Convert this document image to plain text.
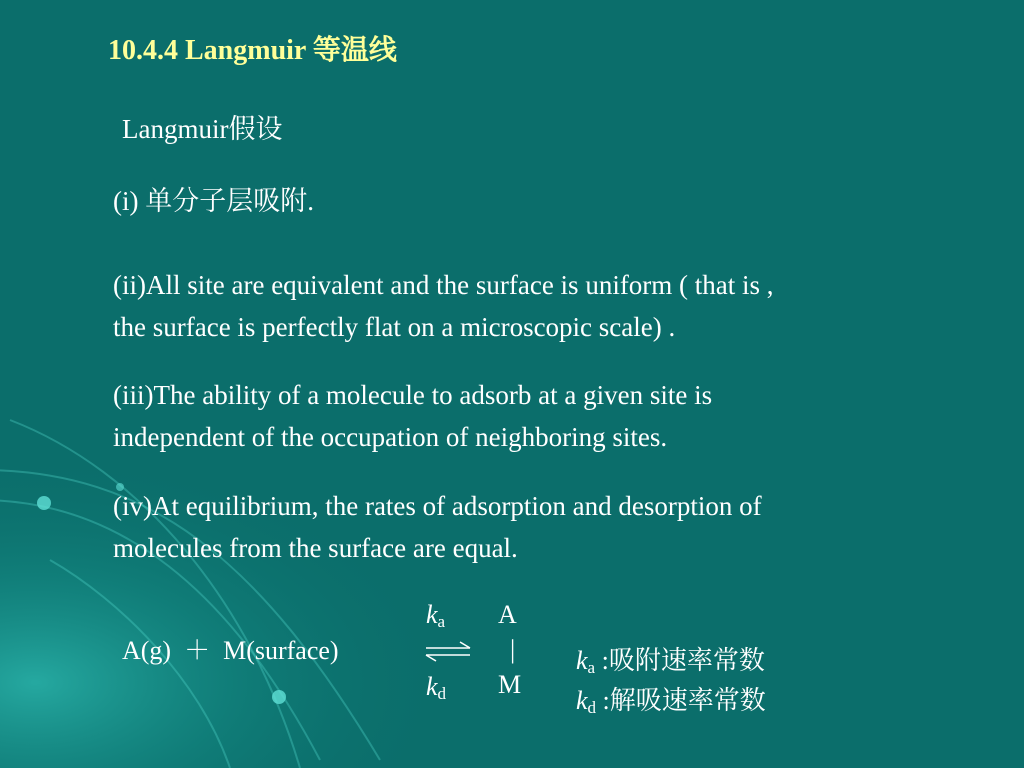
10.4.4 Langmuir 等温线
Langmuir假设
(i) 单分子层吸附.
(ii)All site are equivalent and the surface is uniform ( that is ,
the surface is perfectly flat on a microscopic scale) .
(iii)The ability of a molecule to adsorb at a given site is
independent of the occupation of neighboring sites.
(iv)At equilibrium, the rates of adsorption and desorption of
molecules from the surface are equal.
A(g)  ＋  M(surface)
$k_a$
$k_d$
A
|
M

$k_a$ :吸附速率常数

$k_d$ :解吸速率常数
